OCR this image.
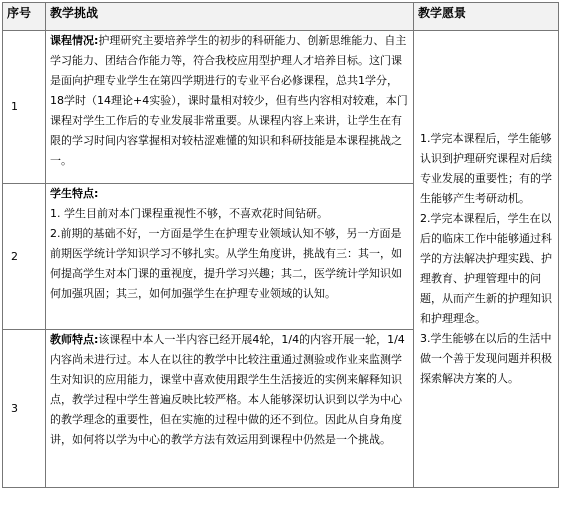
序号	教学挑战	教学愿景
1	课程情况:护理研究主要培养学生的初步的科研能力、创新思维能力、自主学习能力、团结合作能力等，符合我校应用型护理人才培养目标。这门课是面向护理专业学生在第四学期进行的专业平台必修课程，总共1学分，18学时（14理论+4实验），课时量相对较少，但有些内容相对较难，本门课程对学生工作后的专业发展非常重要。从课程内容上来讲，让学生在有限的学习时间内容掌握相对较枯涩难懂的知识和科研技能是本课程挑战之一。	1.学完本课程后，学生能够认识到护理研究课程对后续专业发展的重要性；有的学生能够产生考研动机。

2.学完本课程后，学生在以后的临床工作中能够通过科学的方法解决护理实践、护理教育、护理管理中的问题，从而产生新的护理知识和护理理念。

3.学生能够在以后的生活中做一个善于发现问题并积极探索解决方案的人。

2	学生特点:

1. 学生目前对本门课程重视性不够，不喜欢花时间钻研。

2.前期的基础不好，一方面是学生在护理专业领域认知不够，另一方面是前期医学统计学知识学习不够扎实。从学生角度讲，挑战有三：其一，如何提高学生对本门课的重视度，提升学习兴趣；其二，医学统计学知识如何加强巩固；其三，如何加强学生在护理专业领域的认知。	

3	教师特点:该课程中本人一半内容已经开展4轮，1/4的内容开展一轮，1/4 内容尚未进行过。本人在以往的教学中比较注重通过测验或作业来监测学生对知识的应用能力，课堂中喜欢使用跟学生生活接近的实例来解释知识点，教学过程中学生普遍反映比较严格。本人能够深切认识到以学为中心的教学理念的重要性，但在实施的过程中做的还不到位。因此从自身角度讲，如何将以学为中心的教学方法有效运用到课程中仍然是一个挑战。	
